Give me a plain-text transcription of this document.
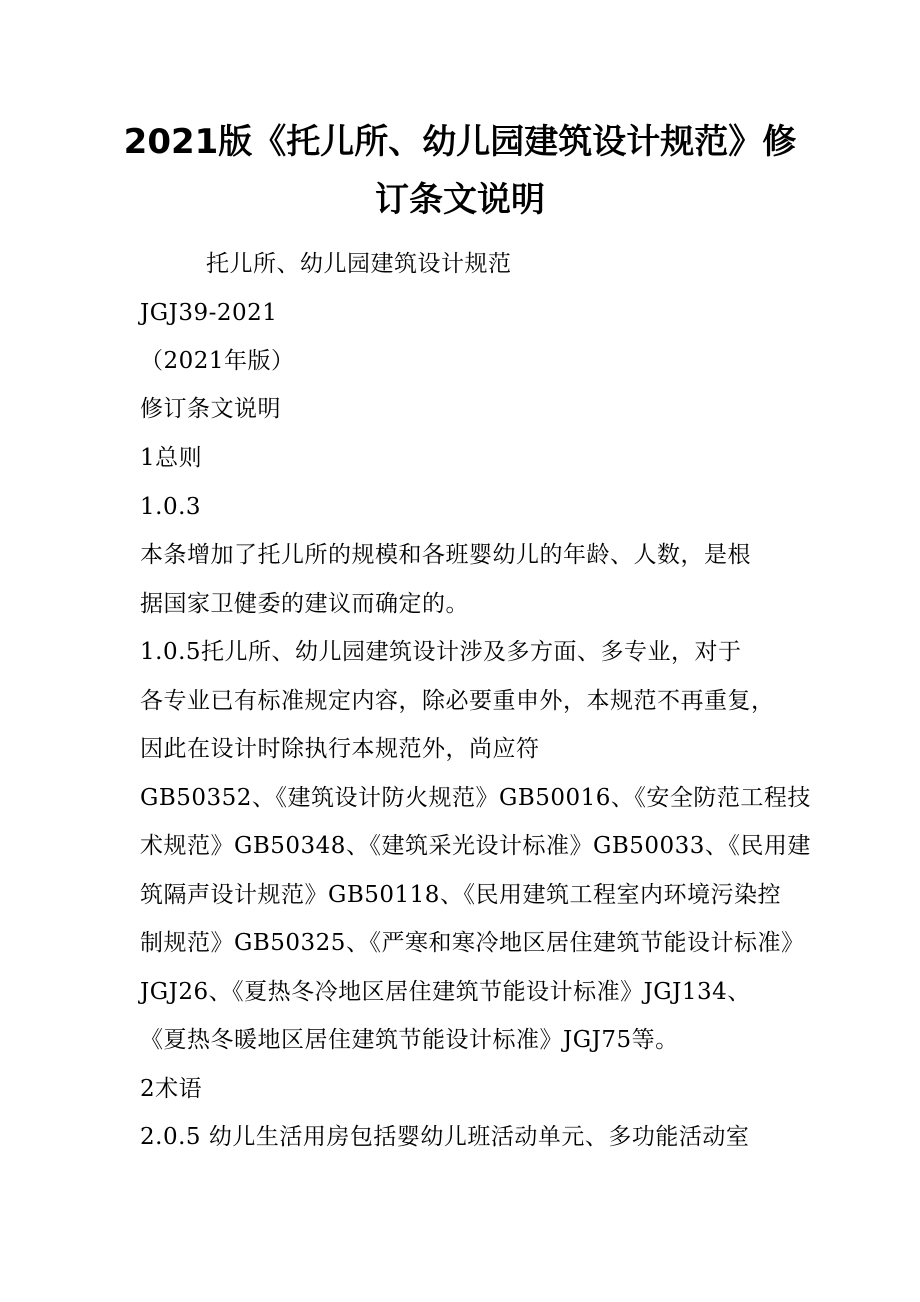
2021版《托儿所、幼儿园建筑设计规范》修
订条文说明
托儿所、幼儿园建筑设计规范
JGJ39-2021
（2021年版）
修订条文说明
1总则
1.0.3
本条增加了托儿所的规模和各班婴幼儿的年龄、人数，是根
据国家卫健委的建议而确定的。
1.0.5托儿所、幼儿园建筑设计涉及多方面、多专业，对于
各专业已有标准规定内容，除必要重申外，本规范不再重复，
因此在设计时除执行本规范外，尚应符
GB50352、《建筑设计防火规范》GB50016、《安全防范工程技
术规范》GB50348、《建筑采光设计标准》GB50033、《民用建
筑隔声设计规范》GB50118、《民用建筑工程室内环境污染控
制规范》GB50325、《严寒和寒冷地区居住建筑节能设计标准》
JGJ26、《夏热冬冷地区居住建筑节能设计标准》JGJ134、
《夏热冬暖地区居住建筑节能设计标准》JGJ75等。
2术语
2.0.5 幼儿生活用房包括婴幼儿班活动单元、多功能活动室
